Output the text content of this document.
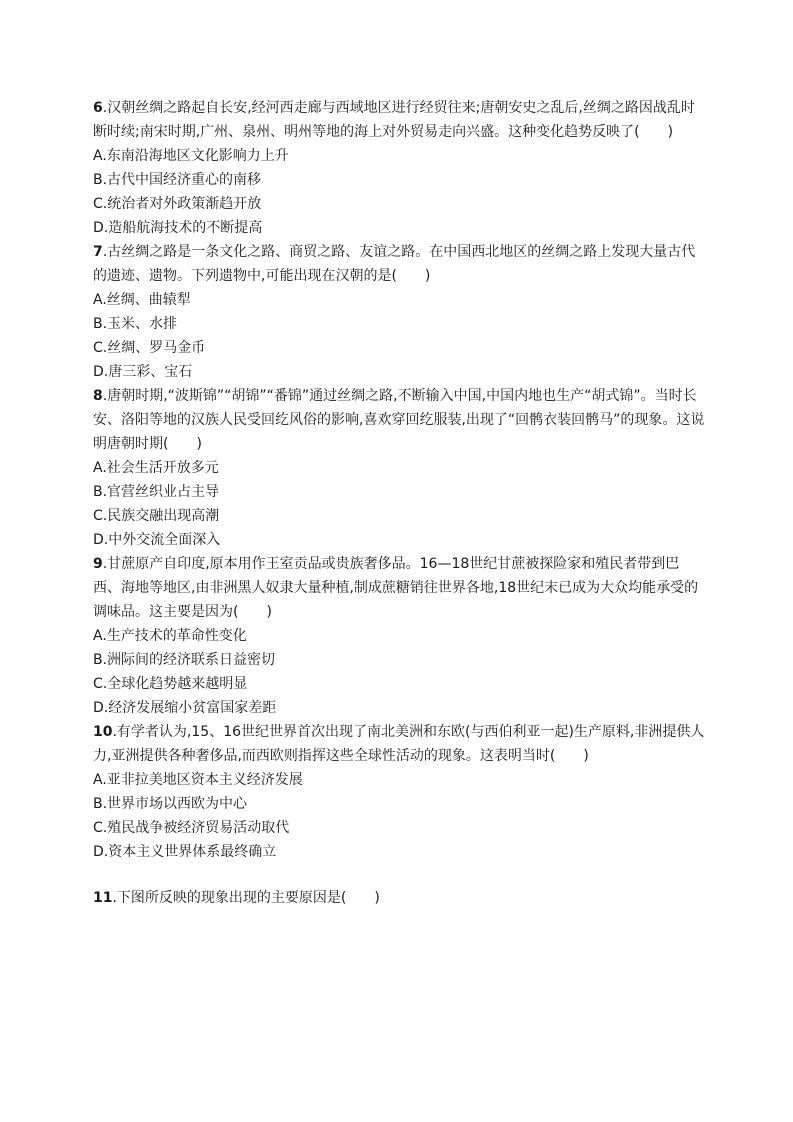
6.汉朝丝绸之路起自长安,经河西走廊与西域地区进行经贸往来;唐朝安史之乱后,丝绸之路因战乱时断时续;南宋时期,广州、泉州、明州等地的海上对外贸易走向兴盛。这种变化趋势反映了(　　)

A.东南沿海地区文化影响力上升

B.古代中国经济重心的南移

C.统治者对外政策渐趋开放

D.造船航海技术的不断提高

7.古丝绸之路是一条文化之路、商贸之路、友谊之路。在中国西北地区的丝绸之路上发现大量古代的遗迹、遗物。下列遗物中,可能出现在汉朝的是(　　)

A.丝绸、曲辕犁

B.玉米、水排

C.丝绸、罗马金币

D.唐三彩、宝石

8.唐朝时期,“波斯锦”“胡锦”“番锦”通过丝绸之路,不断输入中国,中国内地也生产“胡式锦”。当时长安、洛阳等地的汉族人民受回纥风俗的影响,喜欢穿回纥服装,出现了“回鹘衣装回鹘马”的现象。这说明唐朝时期(　　)

A.社会生活开放多元

B.官营丝织业占主导

C.民族交融出现高潮

D.中外交流全面深入

9.甘蔗原产自印度,原本用作王室贡品或贵族奢侈品。16—18世纪甘蔗被探险家和殖民者带到巴西、海地等地区,由非洲黑人奴隶大量种植,制成蔗糖销往世界各地,18世纪末已成为大众均能承受的调味品。这主要是因为(　　)

A.生产技术的革命性变化

B.洲际间的经济联系日益密切

C.全球化趋势越来越明显

D.经济发展缩小贫富国家差距

10.有学者认为,15、16世纪世界首次出现了南北美洲和东欧(与西伯利亚一起)生产原料,非洲提供人力,亚洲提供各种奢侈品,而西欧则指挥这些全球性活动的现象。这表明当时(　　)

A.亚非拉美地区资本主义经济发展

B.世界市场以西欧为中心

C.殖民战争被经济贸易活动取代

D.资本主义世界体系最终确立

11.下图所反映的现象出现的主要原因是(　　)
